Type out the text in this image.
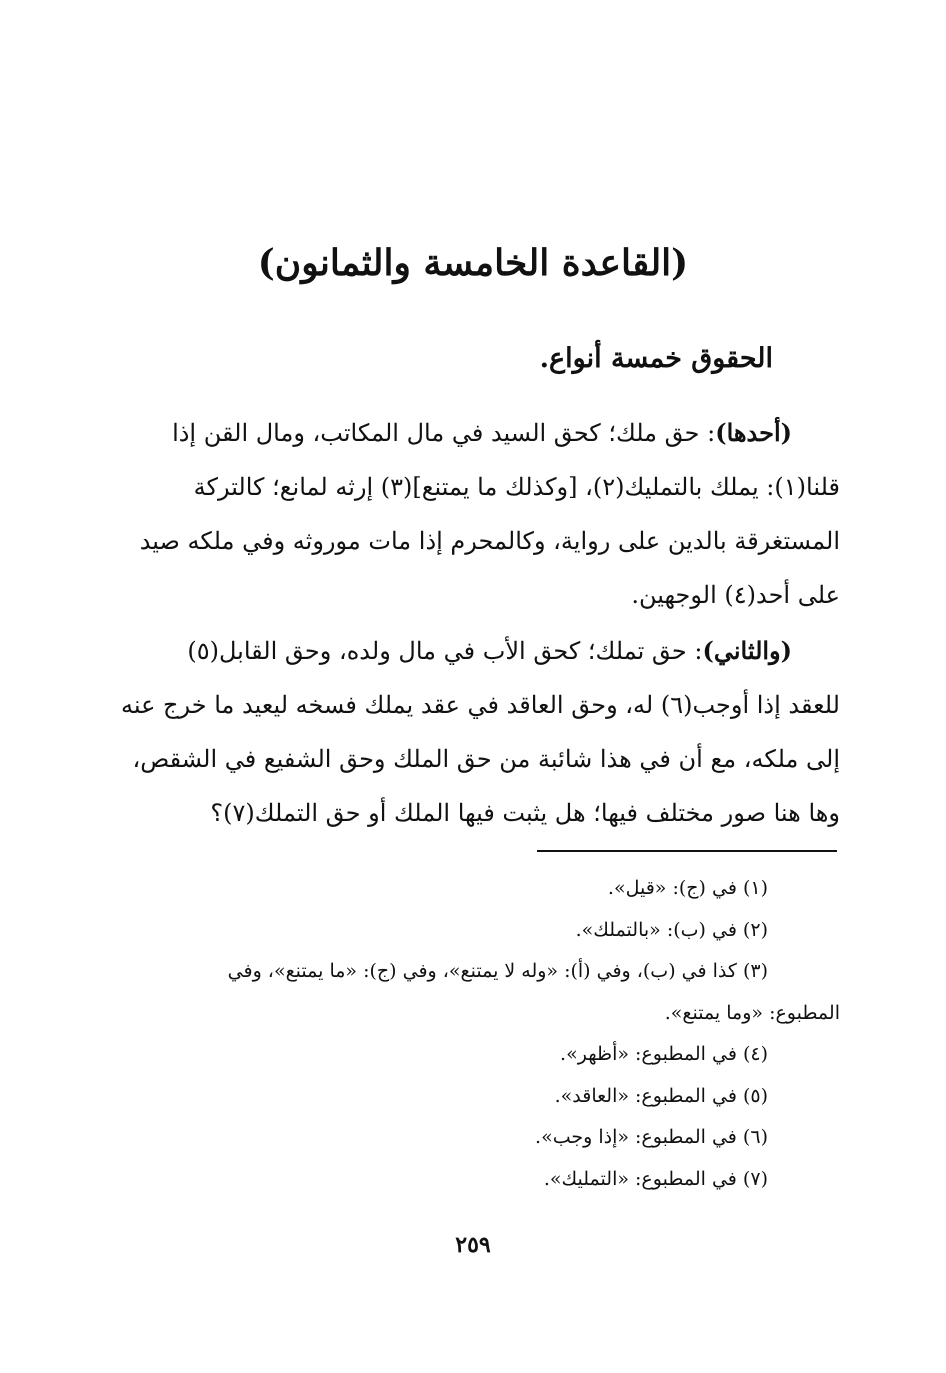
(القاعدة الخامسة والثمانون)
الحقوق خمسة أنواع.
(أحدها): حق ملك؛ كحق السيد في مال المكاتب، ومال القن إذا
قلنا(١): يملك بالتمليك(٢)، [وكذلك ما يمتنع](٣) إرثه لمانع؛ كالتركة
المستغرقة بالدين على رواية، وكالمحرم إذا مات موروثه وفي ملكه صيد
على أحد(٤) الوجهين.
(والثاني): حق تملك؛ كحق الأب في مال ولده، وحق القابل(٥)
للعقد إذا أوجب(٦) له، وحق العاقد في عقد يملك فسخه ليعيد ما خرج عنه
إلى ملكه، مع أن في هذا شائبة من حق الملك وحق الشفيع في الشقص،
وها هنا صور مختلف فيها؛ هل يثبت فيها الملك أو حق التملك(٧)؟
(١) في (ج): «قيل».
(٢) في (ب): «بالتملك».
(٣) كذا في (ب)، وفي (أ): «وله لا يمتنع»، وفي (ج): «ما يمتنع»، وفي
المطبوع: «وما يمتنع».
(٤) في المطبوع: «أظهر».
(٥) في المطبوع: «العاقد».
(٦) في المطبوع: «إذا وجب».
(٧) في المطبوع: «التمليك».
٢٥٩
